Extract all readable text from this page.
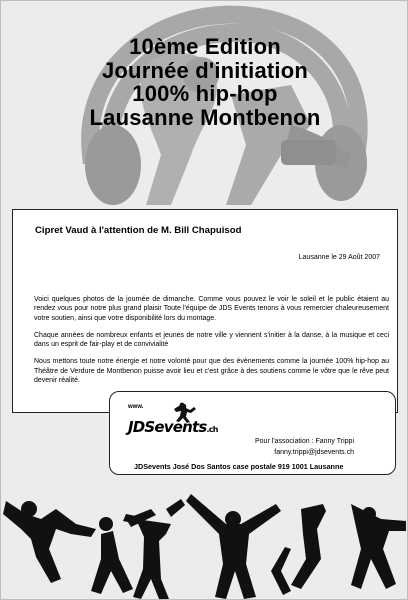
10ème Edition
Journée d'initiation
100% hip-hop
Lausanne Montbenon
Cipret Vaud à l'attention de M. Bill Chapuisod
Lausanne le 29 Août 2007

Voici quelques photos de la journée de dimanche. Comme vous pouvez le voir le soleil et le public étaient au rendez vous pour notre plus grand plaisir Toute l'équipe de JDS Events tenons à vous remercier chaleureusement votre soutien, ainsi que votre disponibilité lors du montage.

Chaque années de nombreux enfants et jeunes de notre ville y viennent s'initier à la danse, à la musique et ceci dans un esprit de fair-play et de convivialité

Nous mettons toute notre énergie et notre volonté pour que des évènements comme la journée 100% hip-hop au Théâtre de Verdure de Montbenon puisse avoir lieu et c'est grâce à des soutiens comme le vôtre que le rêve peut devenir réalité.

www.
JDSevents.ch
Pour l'association : Fanny Trippi
fanny.trippi@jdsevents.ch
JDSevents José Dos Santos case postale 919 1001 Lausanne
